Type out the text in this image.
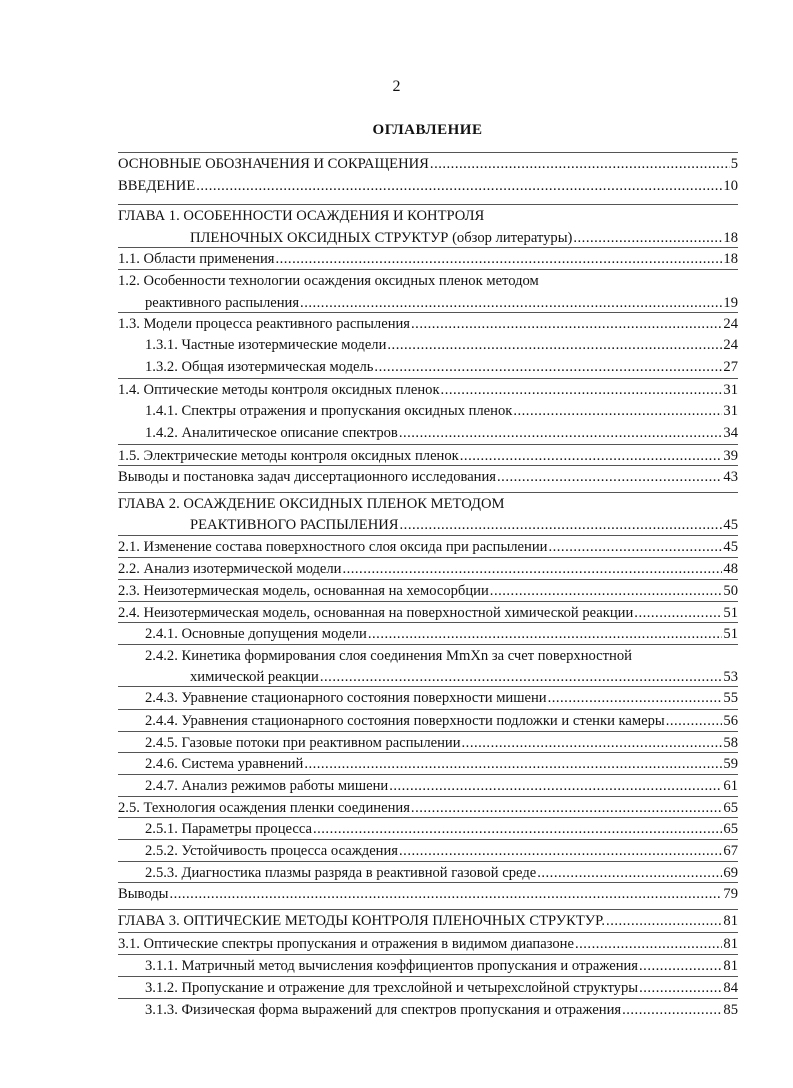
2
ОГЛАВЛЕНИЕ
ОСНОВНЫЕ ОБОЗНАЧЕНИЯ И СОКРАЩЕНИЯ .....	5
ВВЕДЕНИЕ .....	10
ГЛАВА 1. ОСОБЕННОСТИ ОСАЖДЕНИЯ И КОНТРОЛЯ
ПЛЕНОЧНЫХ ОКСИДНЫХ СТРУКТУР (обзор литературы) .....	18
1.1. Области применения .....	18
1.2. Особенности технологии осаждения оксидных пленок методом
реактивного распыления .....	19
1.3. Модели процесса реактивного распыления .....	24
1.3.1. Частные изотермические модели .....	24
1.3.2. Общая изотермическая модель .....	27
1.4. Оптические методы контроля оксидных пленок .....	31
1.4.1. Спектры отражения и пропускания оксидных пленок .....	31
1.4.2. Аналитическое описание спектров .....	34
1.5. Электрические методы контроля оксидных пленок .....	39
Выводы и постановка задач диссертационного исследования .....	43
ГЛАВА 2. ОСАЖДЕНИЕ ОКСИДНЫХ ПЛЕНОК МЕТОДОМ
РЕАКТИВНОГО РАСПЫЛЕНИЯ .....	45
2.1. Изменение состава поверхностного слоя оксида при распылении .....	45
2.2. Анализ изотермической модели .....	48
2.3. Неизотермическая модель, основанная на хемосорбции .....	50
2.4. Неизотермическая модель, основанная на поверхностной химической реакции .....	51
2.4.1. Основные допущения модели .....	51
2.4.2. Кинетика формирования слоя соединения MmXn за счет поверхностной
химической реакции .....	53
2.4.3. Уравнение стационарного состояния поверхности мишени .....	55
2.4.4. Уравнения стационарного состояния поверхности подложки и стенки камеры .....	56
2.4.5. Газовые потоки при реактивном распылении .....	58
2.4.6. Система уравнений .....	59
2.4.7. Анализ режимов работы мишени .....	61
2.5. Технология осаждения пленки соединения .....	65
2.5.1. Параметры процесса .....	65
2.5.2. Устойчивость процесса осаждения .....	67
2.5.3. Диагностика плазмы разряда в реактивной газовой среде .....	69
Выводы .....	79
ГЛАВА 3. ОПТИЧЕСКИЕ МЕТОДЫ КОНТРОЛЯ ПЛЕНОЧНЫХ СТРУКТУР. .....	81
3.1. Оптические спектры пропускания и отражения в видимом диапазоне .....	81
3.1.1. Матричный метод вычисления коэффициентов пропускания и отражения .....	81
3.1.2. Пропускание и отражение для трехслойной и четырехслойной структуры .....	84
3.1.3. Физическая форма выражений для спектров пропускания и отражения .....	85
